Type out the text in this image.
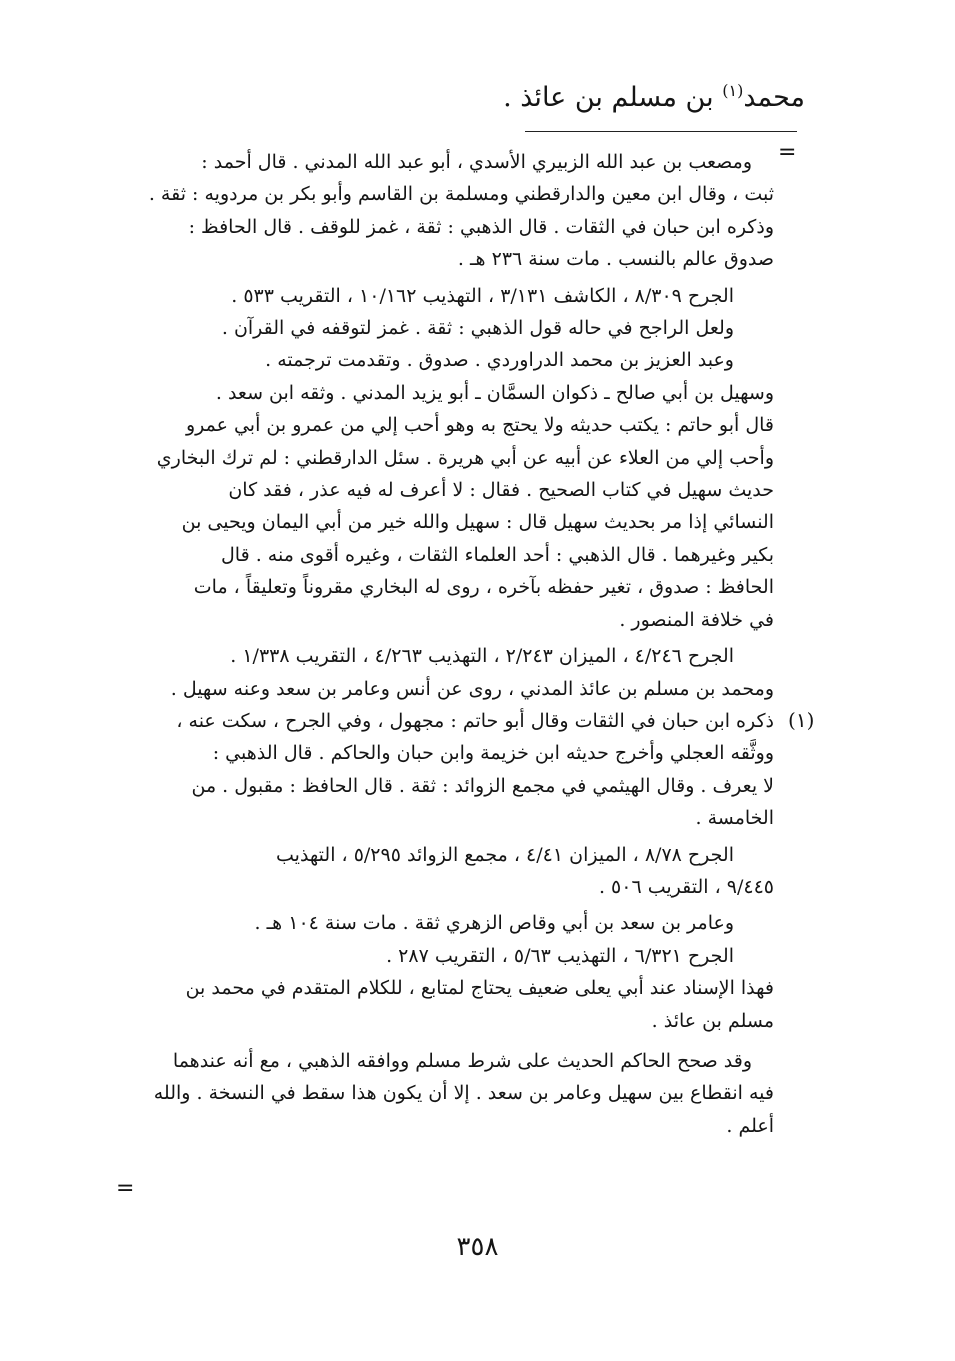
محمد$^{(١)}$ بن مسلم بن عائذ .
=
(١)
ومصعب بن عبد الله الزبيري الأسدي ، أبو عبد الله المدني . قال أحمد :
ثبت ، وقال ابن معين والدارقطني ومسلمة بن القاسم وأبو بكر بن مردويه : ثقة .
وذكره ابن حبان في الثقات . قال الذهبي : ثقة ، غمز للوقف . قال الحافظ :
صدوق عالم بالنسب . مات سنة ٢٣٦ هـ .
الجرح ٨/٣٠٩ ، الكاشف ٣/١٣١ ، التهذيب ١٠/١٦٢ ، التقريب ٥٣٣ .
ولعل الراجح في حاله قول الذهبي : ثقة . غمز لتوقفه في القرآن .
وعبد العزيز بن محمد الدراوردي . صدوق . وتقدمت ترجمته .
وسهيل بن أبي صالح ـ ذكوان السمَّان ـ أبو يزيد المدني . وثقه ابن سعد .
قال أبو حاتم : يكتب حديثه ولا يحتج به وهو أحب إلي من عمرو بن أبي عمرو
وأحب إلي من العلاء عن أبيه عن أبي هريرة . سئل الدارقطني : لم ترك البخاري
حديث سهيل في كتاب الصحيح . فقال : لا أعرف له فيه عذر ، فقد كان
النسائي إذا مر بحديث سهيل قال : سهيل والله خير من أبي اليمان ويحيى بن
بكير وغيرهما . قال الذهبي : أحد العلماء الثقات ، وغيره أقوى منه . قال
الحافظ : صدوق ، تغير حفظه بآخره ، روى له البخاري مقروناً وتعليقاً ، مات
في خلافة المنصور .
الجرح ٤/٢٤٦ ، الميزان ٢/٢٤٣ ، التهذيب ٤/٢٦٣ ، التقريب ١/٣٣٨ .
ومحمد بن مسلم بن عائذ المدني ، روى عن أنس وعامر بن سعد وعنه سهيل .
ذكره ابن حبان في الثقات وقال أبو حاتم : مجهول ، وفي الجرح ، سكت عنه ،
ووثَّقه العجلي وأخرج حديثه ابن خزيمة وابن حبان والحاكم . قال الذهبي :
لا يعرف . وقال الهيثمي في مجمع الزوائد : ثقة . قال الحافظ : مقبول . من
الخامسة .
الجرح ٨/٧٨ ، الميزان ٤/٤١ ، مجمع الزوائد ٥/٢٩٥ ، التهذيب
٩/٤٤٥ ، التقريب ٥٠٦ .
وعامر بن سعد بن أبي وقاص الزهري ثقة . مات سنة ١٠٤ هـ .
الجرح ٦/٣٢١ ، التهذيب ٥/٦٣ ، التقريب ٢٨٧ .
فهذا الإسناد عند أبي يعلى ضعيف يحتاج لمتابع ، للكلام المتقدم في محمد بن
مسلم بن عائذ .
وقد صحح الحاكم الحديث على شرط مسلم ووافقه الذهبي ، مع أنه عندهما
فيه انقطاع بين سهيل وعامر بن سعد . إلا أن يكون هذا سقط في النسخة . والله
أعلم .
=
٣٥٨
